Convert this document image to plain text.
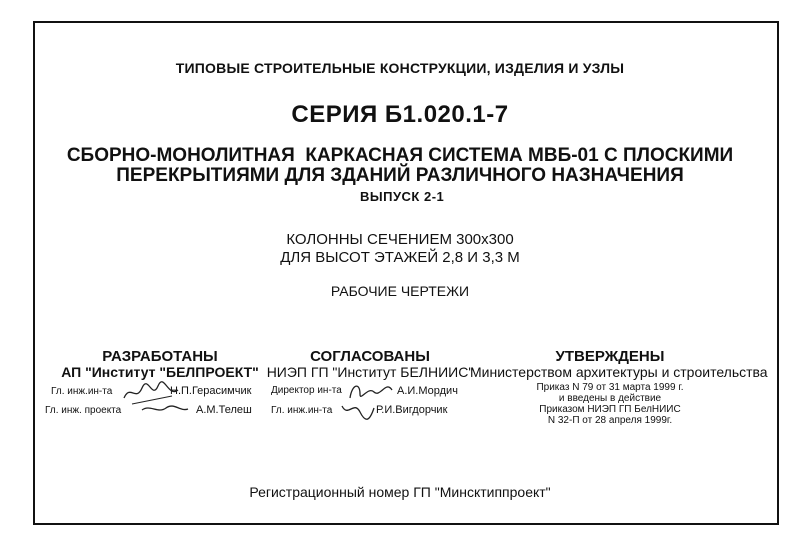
ТИПОВЫЕ СТРОИТЕЛЬНЫЕ КОНСТРУКЦИИ, ИЗДЕЛИЯ И УЗЛЫ
СЕРИЯ Б1.020.1-7
СБОРНО-МОНОЛИТНАЯ  КАРКАСНАЯ СИСТЕМА МВБ-01 С ПЛОСКИМИ
ПЕРЕКРЫТИЯМИ ДЛЯ ЗДАНИЙ РАЗЛИЧНОГО НАЗНАЧЕНИЯ
ВЫПУСК 2-1
КОЛОННЫ СЕЧЕНИЕМ 300х300
ДЛЯ ВЫСОТ ЭТАЖЕЙ 2,8 И 3,3 М
РАБОЧИЕ ЧЕРТЕЖИ
РАЗРАБОТАНЫ
АП "Институт "БЕЛПРОЕКТ"
Гл. инж.ин-та	Н.П.Герасимчик
Гл. инж. проекта	А.М.Телеш
СОГЛАСОВАНЫ
НИЭП ГП "Институт БЕЛНИИС"
Директор ин-та	А.И.Мордич
Гл. инж.ин-та	Р.И.Вигдорчик
УТВЕРЖДЕНЫ
Министерством архитектуры и строительства
Приказ N 79 от 31 марта 1999 г.
и введены в действие
Приказом НИЭП ГП БелНИИС
N 32-П от 28 апреля 1999г.
Регистрационный номер ГП "Минсктиппроект"
